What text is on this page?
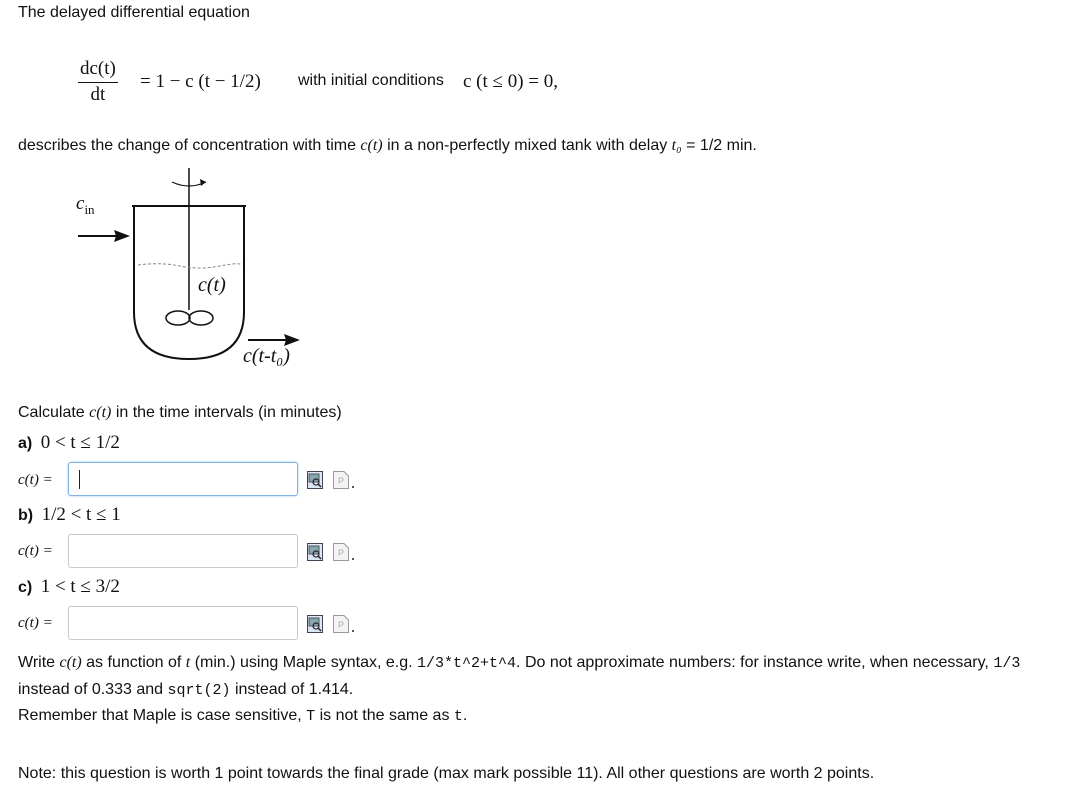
The delayed differential equation
$\frac{dc(t)}{dt} = 1 - c$ (t − 1/2) with initial conditions c (t ≤ 0) = 0,
describes the change of concentration with time c(t) in a non-perfectly mixed tank with delay t₀ = 1/2 min.
$c_{in}$
c(t)
c(t-t₀)
Calculate c(t) in the time intervals (in minutes)
a) 0 < t ≤ 1/2
c(t) =
b) 1/2 < t ≤ 1
c(t) =
c) 1 < t ≤ 3/2
c(t) =
P
P
P
Write c(t) as function of t (min.) using Maple syntax, e.g. 1/3*t^2+t^4. Do not approximate numbers: for instance write, when necessary, 1/3 instead of 0.333 and sqrt(2) instead of 1.414.
Remember that Maple is case sensitive, T is not the same as t.
Note: this question is worth 1 point towards the final grade (max mark possible 11). All other questions are worth 2 points.
